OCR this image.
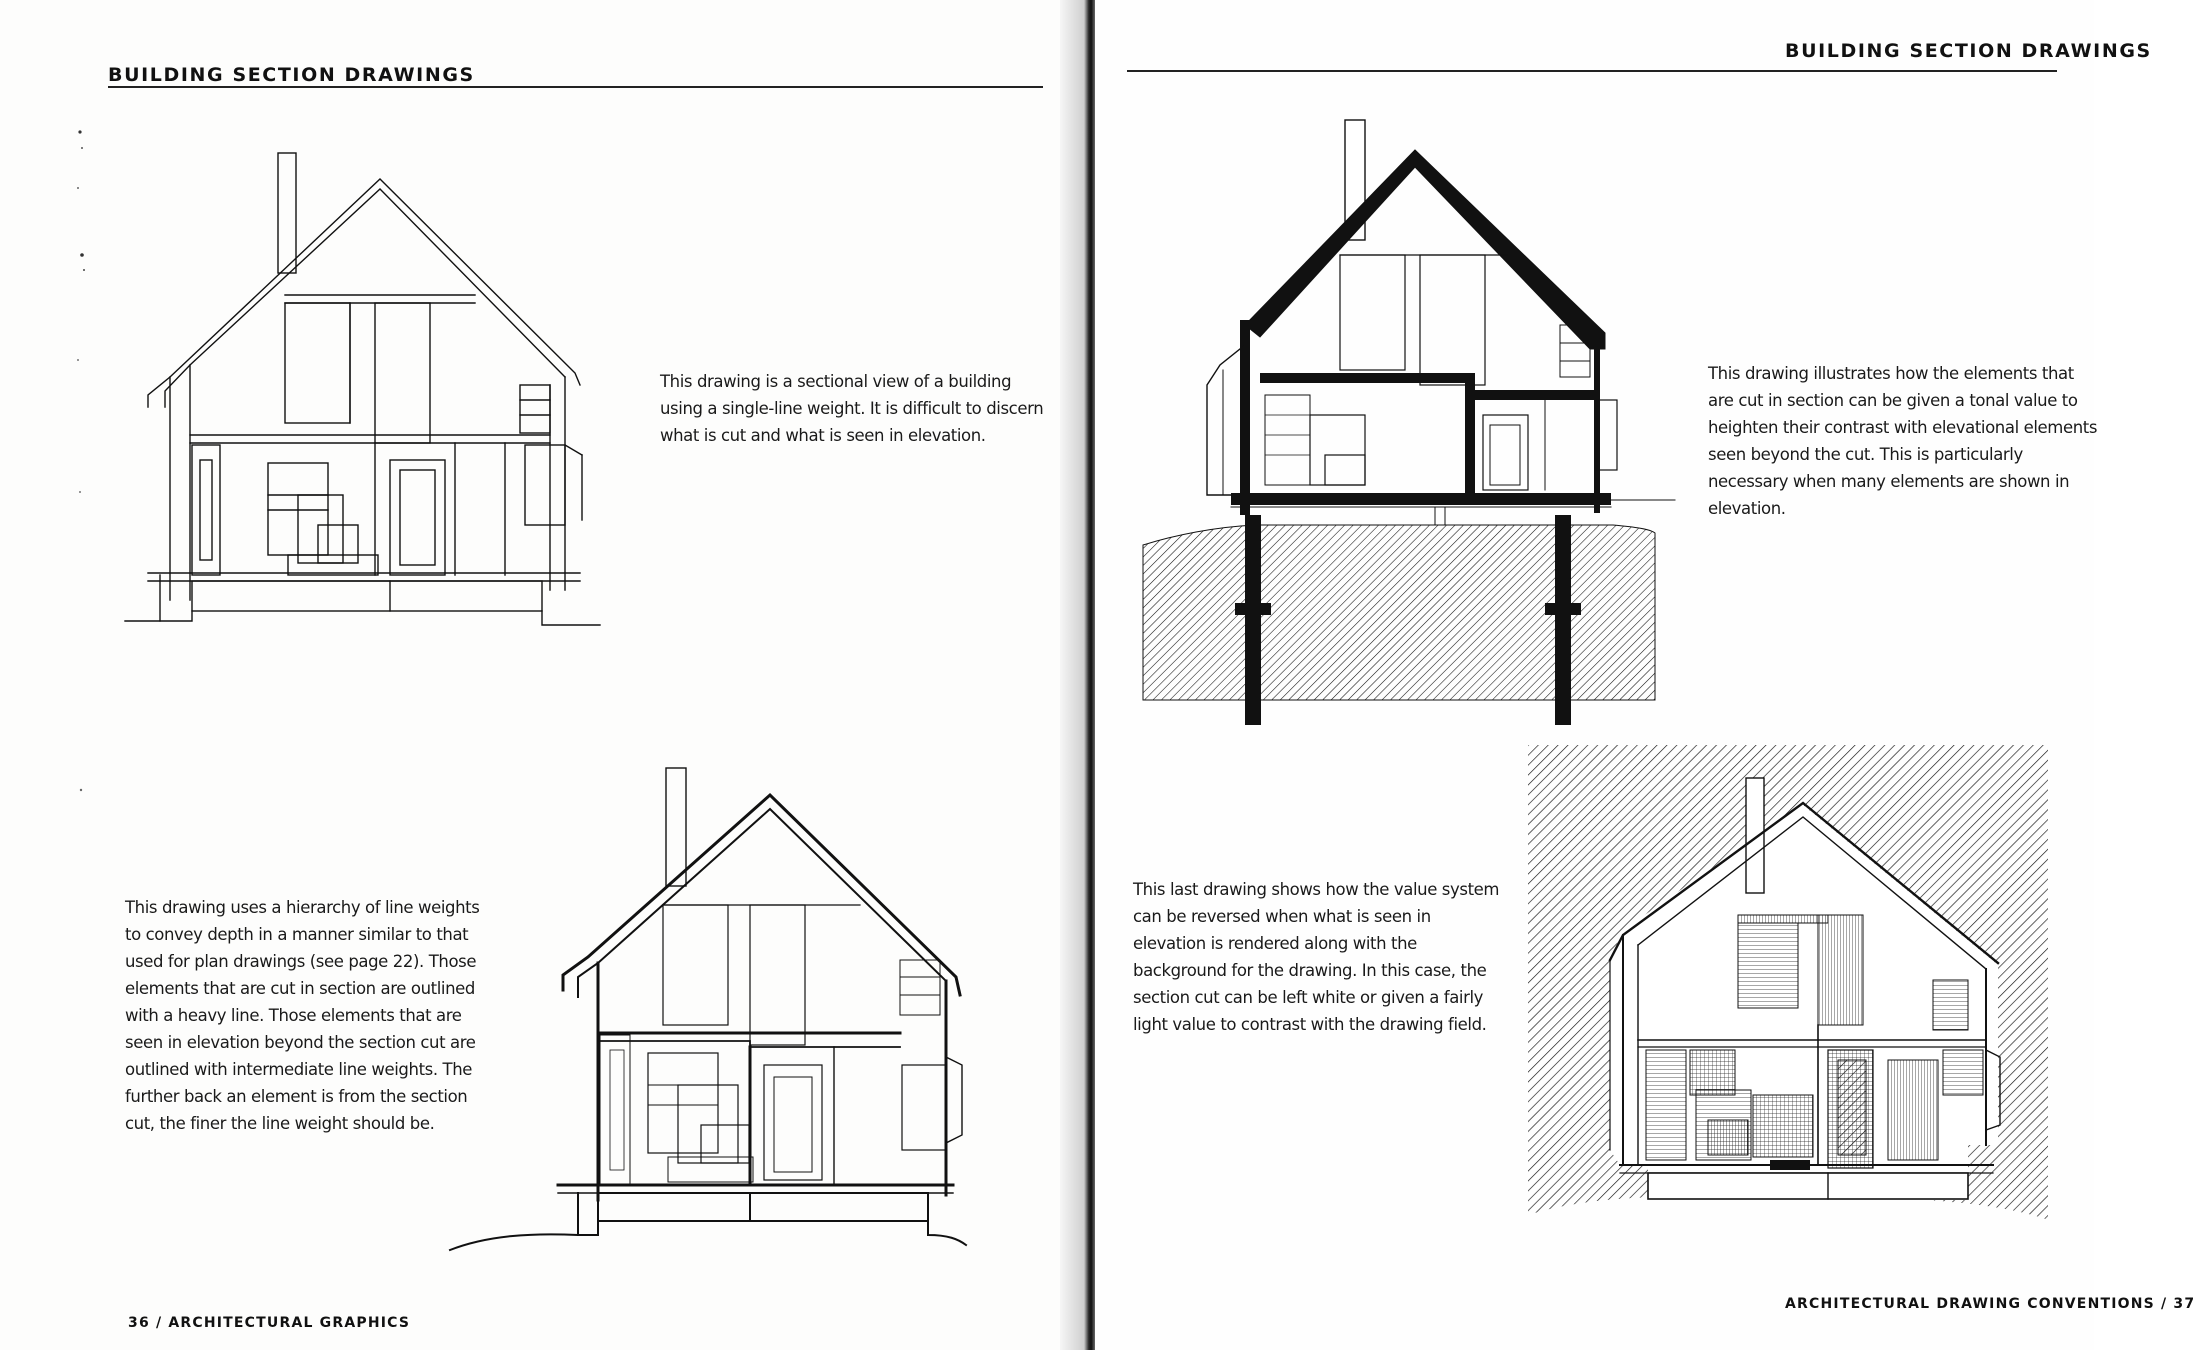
BUILDING SECTION DRAWINGS
This drawing is a sectional view of a building using a single-line weight. It is difficult to discern what is cut and what is seen in elevation.
This drawing uses a hierarchy of line weights to convey depth in a manner similar to that used for plan drawings (see page 22). Those elements that are cut in section are outlined with a heavy line. Those elements that are seen in elevation beyond the section cut are outlined with intermediate line weights. The further back an element is from the section cut, the finer the line weight should be.
36 / ARCHITECTURAL GRAPHICS
BUILDING SECTION DRAWINGS
This drawing illustrates how the elements that are cut in section can be given a tonal value to heighten their contrast with elevational elements seen beyond the cut. This is particularly necessary when many elements are shown in elevation.
This last drawing shows how the value system can be reversed when what is seen in elevation is rendered along with the background for the drawing. In this case, the section cut can be left white or given a fairly light value to contrast with the drawing field.
ARCHITECTURAL DRAWING CONVENTIONS / 37
